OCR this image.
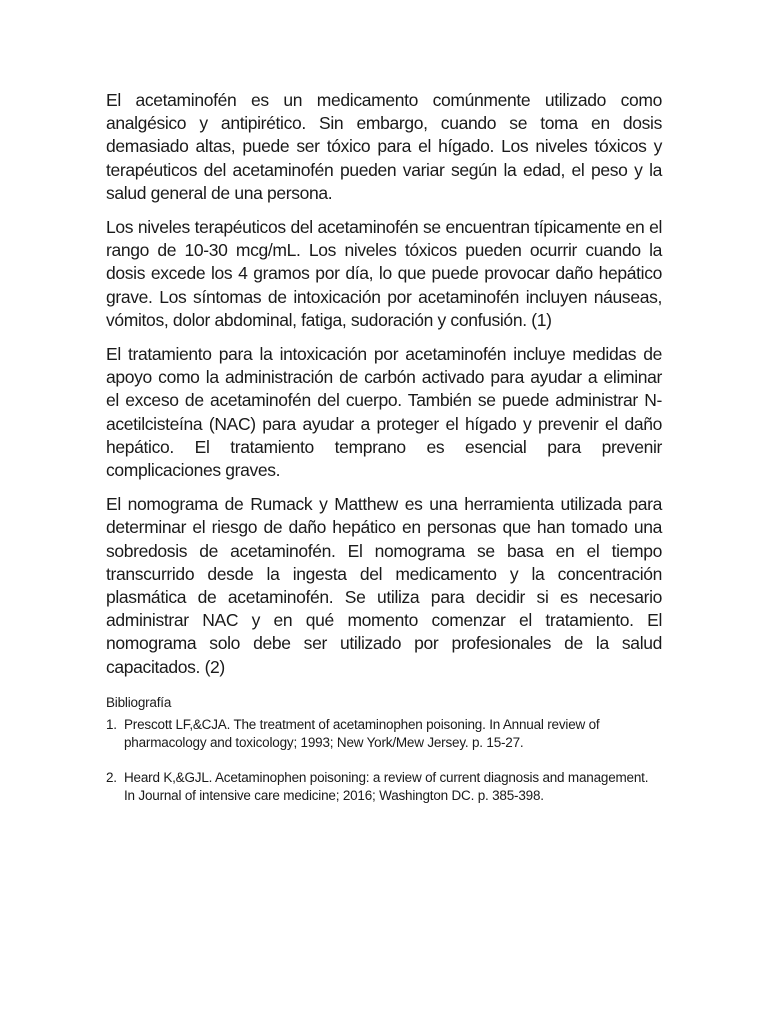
El acetaminofén es un medicamento comúnmente utilizado como analgésico y antipirético. Sin embargo, cuando se toma en dosis demasiado altas, puede ser tóxico para el hígado. Los niveles tóxicos y terapéuticos del acetaminofén pueden variar según la edad, el peso y la salud general de una persona.

Los niveles terapéuticos del acetaminofén se encuentran típicamente en el rango de 10-30 mcg/mL. Los niveles tóxicos pueden ocurrir cuando la dosis excede los 4 gramos por día, lo que puede provocar daño hepático grave. Los síntomas de intoxicación por acetaminofén incluyen náuseas, vómitos, dolor abdominal, fatiga, sudoración y confusión. (1)

El tratamiento para la intoxicación por acetaminofén incluye medidas de apoyo como la administración de carbón activado para ayudar a eliminar el exceso de acetaminofén del cuerpo. También se puede administrar N-acetilcisteína (NAC) para ayudar a proteger el hígado y prevenir el daño hepático. El tratamiento temprano es esencial para prevenir complicaciones graves.

El nomograma de Rumack y Matthew es una herramienta utilizada para determinar el riesgo de daño hepático en personas que han tomado una sobredosis de acetaminofén. El nomograma se basa en el tiempo transcurrido desde la ingesta del medicamento y la concentración plasmática de acetaminofén. Se utiliza para decidir si es necesario administrar NAC y en qué momento comenzar el tratamiento. El nomograma solo debe ser utilizado por profesionales de la salud capacitados. (2)

Bibliografía
1. Prescott LF,&CJA. The treatment of acetaminophen poisoning. In Annual review of pharmacology and toxicology; 1993; New York/Mew Jersey. p. 15-27.
2. Heard K,&GJL. Acetaminophen poisoning: a review of current diagnosis and management. In Journal of intensive care medicine; 2016; Washington DC. p. 385-398.
